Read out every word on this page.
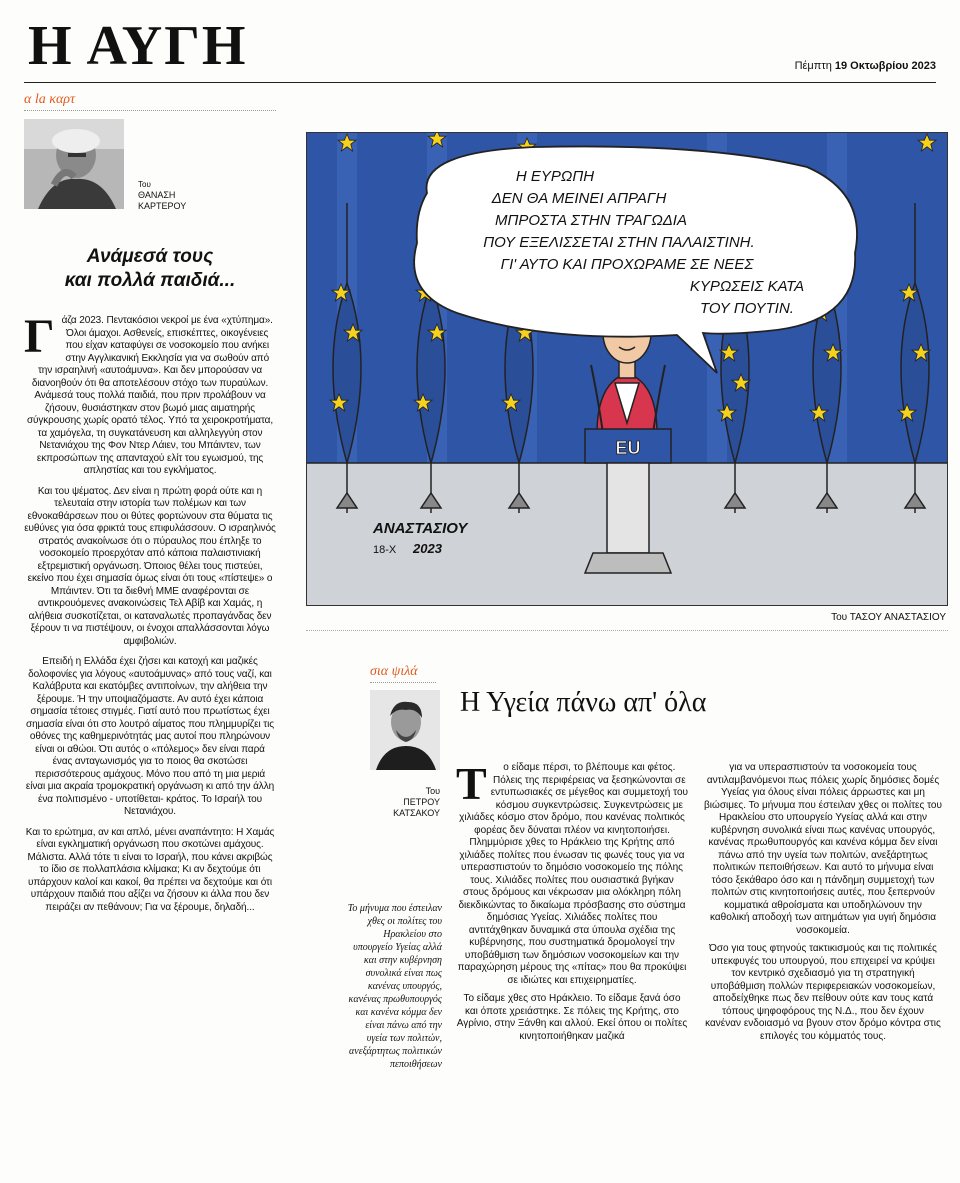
Η ΑΥΓΗ	Πέμπτη 19 Οκτωβρίου 2023
α la καρτ
Του
ΘΑΝΑΣΗ
ΚΑΡΤΕΡΟΥ
Ανάμεσά τους
και πολλά παιδιά...

Γάζα 2023. Πεντακόσιοι νεκροί με ένα «χτύπημα». Όλοι άμαχοι. Ασθενείς, επισκέπτες, οικογένειες που είχαν καταφύγει σε νοσοκομείο που ανήκει στην Αγγλικανική Εκκλησία για να σωθούν από την ισραηλινή «αυτοάμυνα». Και δεν μπορούσαν να διανοηθούν ότι θα αποτελέσουν στόχο των πυραύλων. Ανάμεσά τους πολλά παιδιά, που πριν προλάβουν να ζήσουν, θυσιάστηκαν στον βωμό μιας αιματηρής σύγκρουσης χωρίς ορατό τέλος. Υπό τα χειροκροτήματα, τα χαμόγελα, τη συγκατάνευση και αλληλεγγύη στον Νετανιάχου της Φον Ντερ Λάιεν, του Μπάιντεν, των εκπροσώπων της απανταχού ελίτ του εγωισμού, της απληστίας και του εγκλήματος.

Και του ψέματος. Δεν είναι η πρώτη φορά ούτε και η τελευταία στην ιστορία των πολέμων και των εθνοκαθάρσεων που οι θύτες φορτώνουν στα θύματα τις ευθύνες για όσα φρικτά τους επιφυλάσσουν. Ο ισραηλινός στρατός ανακοίνωσε ότι ο πύραυλος που έπληξε το νοσοκομείο προερχόταν από κάποια παλαιστινιακή εξτρεμιστική οργάνωση. Όποιος θέλει τους πιστεύει, εκείνο που έχει σημασία όμως είναι ότι τους «πίστεψε» ο Μπάιντεν. Ότι τα διεθνή ΜΜΕ αναφέρονται σε αντικρουόμενες ανακοινώσεις Τελ Αβίβ και Χαμάς, η αλήθεια συσκοτίζεται, οι καταναλωτές προπαγάνδας δεν ξέρουν τι να πιστέψουν, οι ένοχοι απαλλάσσονται λόγω αμφιβολιών.

Επειδή η Ελλάδα έχει ζήσει και κατοχή και μαζικές δολοφονίες για λόγους «αυτοάμυνας» από τους ναζί, και Καλάβρυτα και εκατόμβες αντιποίνων, την αλήθεια την ξέρουμε. Ή την υποψιαζόμαστε. Αν αυτό έχει κάποια σημασία τέτοιες στιγμές. Γιατί αυτό που πρωτίστως έχει σημασία είναι ότι στο λουτρό αίματος που πλημμυρίζει τις οθόνες της καθημερινότητάς μας αυτοί που πληρώνουν είναι οι αθώοι. Ότι αυτός ο «πόλεμος» δεν είναι παρά ένας ανταγωνισμός για το ποιος θα σκοτώσει περισσότερους αμάχους. Μόνο που από τη μια μεριά είναι μια ακραία τρομοκρατική οργάνωση κι από την άλλη ένα πολιτισμένο - υποτίθεται- κράτος. Το Ισραήλ του Νετανιάχου.

Και το ερώτημα, αν και απλό, μένει αναπάντητο: Η Χαμάς είναι εγκληματική οργάνωση που σκοτώνει αμάχους. Μάλιστα. Αλλά τότε τι είναι το Ισραήλ, που κάνει ακριβώς το ίδιο σε πολλαπλάσια κλίμακα; Κι αν δεχτούμε ότι υπάρχουν καλοί και κακοί, θα πρέπει να δεχτούμε και ότι υπάρχουν παιδιά που αξίζει να ζήσουν κι άλλα που δεν πειράζει αν πεθάνουν; Για να ξέρουμε, δηλαδή...

EU
Η ΕΥΡΩΠΗ
ΔΕΝ ΘΑ ΜΕΙΝΕΙ ΑΠΡΑΓΗ
ΜΠΡΟΣΤΑ ΣΤΗΝ ΤΡΑΓΩΔΙΑ
ΠΟΥ ΕΞΕΛΙΣΣΕΤΑΙ ΣΤΗΝ ΠΑΛΑΙΣΤΙΝΗ.
ΓΙ' ΑΥΤΟ ΚΑΙ ΠΡΟΧΩΡΑΜΕ ΣΕ ΝΕΕΣ
ΚΥΡΩΣΕΙΣ ΚΑΤΑ
ΤΟΥ ΠΟΥΤΙΝ.
ΑΝΑΣΤΑΣΙΟΥ
18-X 2023
Του ΤΑΣΟΥ ΑΝΑΣΤΑΣΙΟΥ
σια ψιλά
Του
ΠΕΤΡΟΥ
ΚΑΤΣΑΚΟΥ
Η Υγεία πάνω απ' όλα
Το μήνυμα που έστειλαν χθες οι πολίτες του Ηρακλείου στο υπουργείο Υγείας αλλά και στην κυβέρνηση συνολικά είναι πως κανένας υπουργός, κανένας πρωθυπουργός και κανένα κόμμα δεν είναι πάνω από την υγεία των πολιτών, ανεξάρτητως πολιτικών πεποιθήσεων

Τ ο είδαμε πέρσι, το βλέπουμε και φέτος. Πόλεις της περιφέρειας να ξεσηκώνονται σε εντυπωσιακές σε μέγεθος και συμμετοχή του κόσμου συγκεντρώσεις. Συγκεντρώσεις με χιλιάδες κόσμο στον δρόμο, που κανένας πολιτικός φορέας δεν δύναται πλέον να κινητοποιήσει. Πλημμύρισε χθες το Ηράκλειο της Κρήτης από χιλιάδες πολίτες που ένωσαν τις φωνές τους για να υπερασπιστούν το δημόσιο νοσοκομείο της πόλης τους. Χιλιάδες πολίτες που ουσιαστικά βγήκαν στους δρόμους και νέκρωσαν μια ολόκληρη πόλη διεκδικώντας το δικαίωμα πρόσβασης στο σύστημα δημόσιας Υγείας. Χιλιάδες πολίτες που αντιτάχθηκαν δυναμικά στα ύπουλα σχέδια της κυβέρνησης, που συστηματικά δρομολογεί την υποβάθμιση των δημόσιων νοσοκομείων και την παραχώρηση μέρους της «πίτας» που θα προκύψει σε ιδιώτες και επιχειρηματίες.

Το είδαμε χθες στο Ηράκλειο. Το είδαμε ξανά όσο και όποτε χρειάστηκε. Σε πόλεις της Κρήτης, στο Αγρίνιο, στην Ξάνθη και αλλού. Εκεί όπου οι πολίτες κινητοποιήθηκαν μαζικά

για να υπερασπιστούν τα νοσοκομεία τους αντιλαμβανόμενοι πως πόλεις χωρίς δημόσιες δομές Υγείας για όλους είναι πόλεις άρρωστες και μη βιώσιμες. Το μήνυμα που έστειλαν χθες οι πολίτες του Ηρακλείου στο υπουργείο Υγείας αλλά και στην κυβέρνηση συνολικά είναι πως κανένας υπουργός, κανένας πρωθυπουργός και κανένα κόμμα δεν είναι πάνω από την υγεία των πολιτών, ανεξάρτητως πολιτικών πεποιθήσεων. Και αυτό το μήνυμα είναι τόσο ξεκάθαρο όσο και η πάνδημη συμμετοχή των πολιτών στις κινητοποιήσεις αυτές, που ξεπερνούν κομματικά αθροίσματα και υποδηλώνουν την καθολική αποδοχή των αιτημάτων για υγιή δημόσια νοσοκομεία.

Όσο για τους φτηνούς τακτικισμούς και τις πολιτικές υπεκφυγές του υπουργού, που επιχειρεί να κρύψει τον κεντρικό σχεδιασμό για τη στρατηγική υποβάθμιση πολλών περιφερειακών νοσοκομείων, αποδείχθηκε πως δεν πείθουν ούτε καν τους κατά τόπους ψηφοφόρους της Ν.Δ., που δεν έχουν κανέναν ενδοιασμό να βγουν στον δρόμο κόντρα στις επιλογές του κόμματός τους.
